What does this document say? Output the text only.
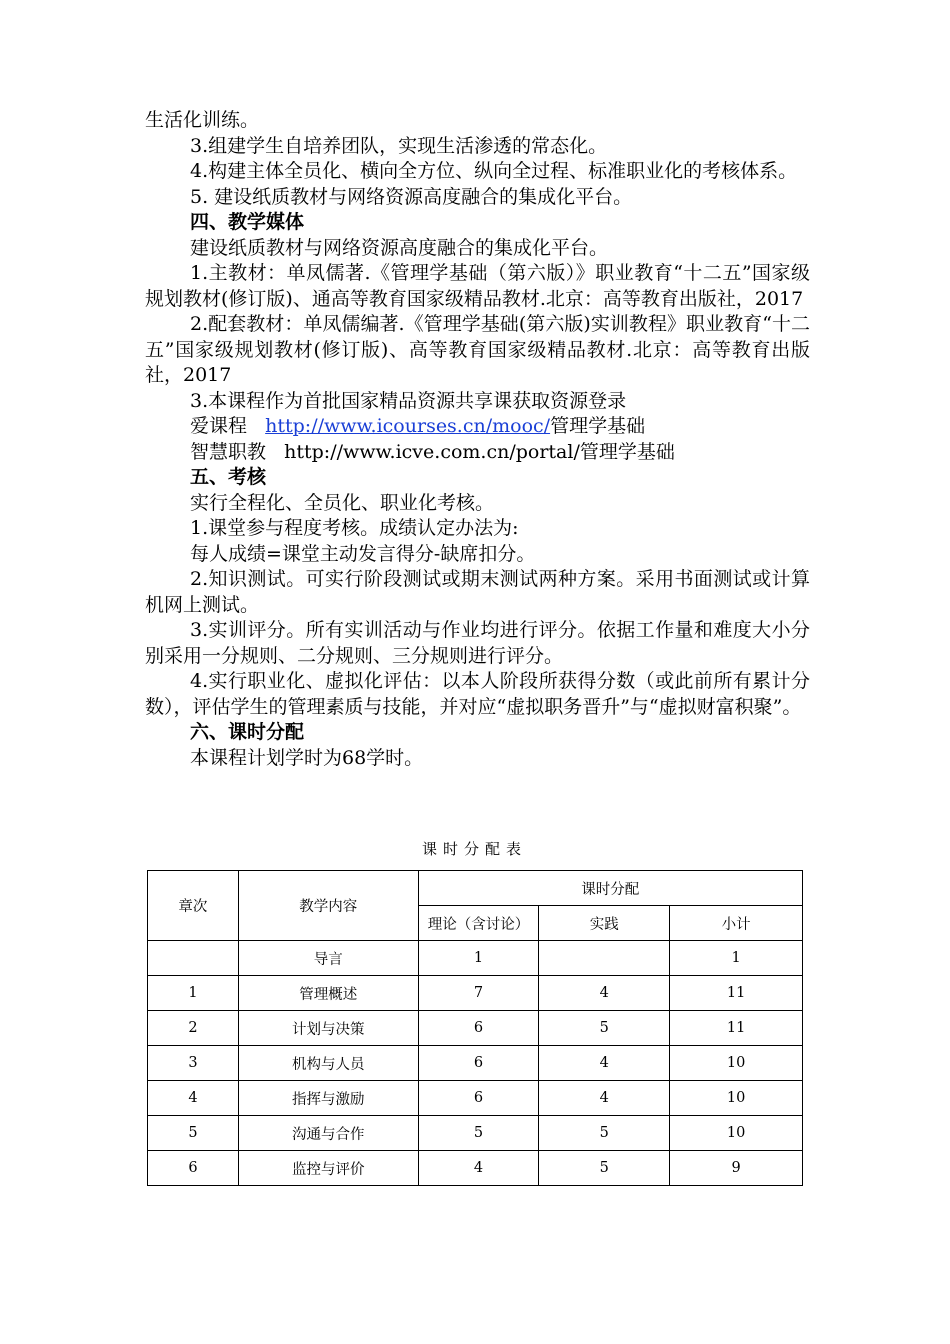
生活化训练。

3.组建学生自培养团队，实现生活渗透的常态化。

4.构建主体全员化、横向全方位、纵向全过程、标准职业化的考核体系。

5. 建设纸质教材与网络资源高度融合的集成化平台。

四、教学媒体

建设纸质教材与网络资源高度融合的集成化平台。

1.主教材：单凤儒著.《管理学基础（第六版）》职业教育“十二五”国家级规划教材(修订版)、通高等教育国家级精品教材.北京：高等教育出版社，2017

2.配套教材：单凤儒编著.《管理学基础(第六版)实训教程》职业教育“十二五”国家级规划教材(修订版)、高等教育国家级精品教材.北京：高等教育出版社，2017

3.本课程作为首批国家精品资源共享课获取资源登录

爱课程 http://www.icourses.cn/mooc/管理学基础

智慧职教 http://www.icve.com.cn/portal/管理学基础

五、考核

实行全程化、全员化、职业化考核。

1.课堂参与程度考核。成绩认定办法为:

每人成绩=课堂主动发言得分-缺席扣分。

2.知识测试。可实行阶段测试或期末测试两种方案。采用书面测试或计算机网上测试。

3.实训评分。所有实训活动与作业均进行评分。依据工作量和难度大小分别采用一分规则、二分规则、三分规则进行评分。

4.实行职业化、虚拟化评估：以本人阶段所获得分数（或此前所有累计分数），评估学生的管理素质与技能，并对应“虚拟职务晋升”与“虚拟财富积聚”。

六、课时分配

本课程计划学时为68学时。

课时分配表
章次	教学内容	课时分配		
		理论（含讨论）	实践	小计
	导言	1		1
1	管理概述	7	4	11
2	计划与决策	6	5	11
3	机构与人员	6	4	10
4	指挥与激励	6	4	10
5	沟通与合作	5	5	10
6	监控与评价	4	5	9
